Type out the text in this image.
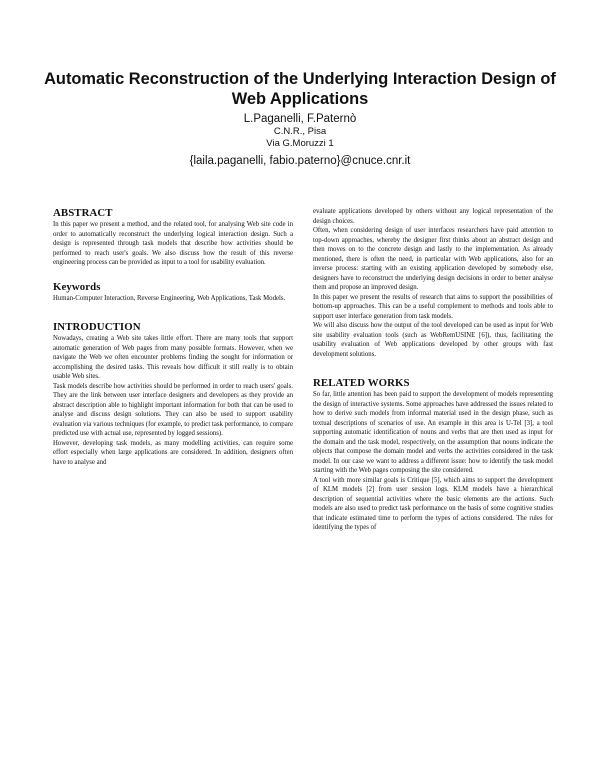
Automatic Reconstruction of the Underlying Interaction Design of Web Applications
L.Paganelli, F.Paternò
C.N.R., Pisa
Via G.Moruzzi 1
{laila.paganelli, fabio.paterno}@cnuce.cnr.it
ABSTRACT

In this paper we present a method, and the related tool, for analysing Web site code in order to automatically reconstruct the underlying logical interaction design. Such a design is represented through task models that describe how activities should be performed to reach user's goals. We also discuss how the result of this reverse engineering process can be provided as input to a tool for usability evaluation.

Keywords

Human-Computer Interaction, Reverse Engineering, Web Applications, Task Models.

INTRODUCTION

Nowadays, creating a Web site takes little effort. There are many tools that support automatic generation of Web pages from many possible formats. However, when we navigate the Web we often encounter problems finding the sought for information or accomplishing the desired tasks. This reveals how difficult it still really is to obtain usable Web sites.

Task models describe how activities should be performed in order to reach users' goals. They are the link between user interface designers and developers as they provide an abstract description able to highlight important information for both that can be used to analyse and discuss design solutions. They can also be used to support usability evaluation via various techniques (for example, to predict task performance, to compare predicted use with actual use, represented by logged sessions).

However, developing task models, as many modelling activities, can require some effort especially when large applications are considered. In addition, designers often have to analyse and

evaluate applications developed by others without any logical representation of the design choices.

Often, when considering design of user interfaces researchers have paid attention to top-down approaches, whereby the designer first thinks about an abstract design and then moves on to the concrete design and lastly to the implementation. As already mentioned, there is often the need, in particular with Web applications, also for an inverse process: starting with an existing application developed by somebody else, designers have to reconstruct the underlying design decisions in order to better analyse them and propose an improved design.

In this paper we present the results of research that aims to support the possibilities of bottom-up approaches. This can be a useful complement to methods and tools able to support user interface generation from task models.

We will also discuss how the output of the tool developed can be used as input for Web site usability evaluation tools (such as WebRemUSINE [6]), thus, facilitating the usability evaluation of Web applications developed by other groups with fast development solutions.

RELATED WORKS

So far, little attention has been paid to support the development of models representing the design of interactive systems. Some approaches have addressed the issues related to how to derive such models from informal material used in the design phase, such as textual descriptions of scenarios of use. An example in this area is U-Tel [3], a tool supporting automatic identification of nouns and verbs that are then used as input for the domain and the task model, respectively, on the assumption that nouns indicate the objects that compose the domain model and verbs the activities considered in the task model. In our case we want to address a different issue: how to identify the task model starting with the Web pages composing the site considered.

A tool with more similar goals is Critique [5], which aims to support the development of KLM models [2] from user session logs. KLM models have a hierarchical description of sequential activities where the basic elements are the actions. Such models are also used to predict task performance on the basis of some cognitive studies that indicate estimated time to perform the types of actions considered. The rules for identifying the types of
